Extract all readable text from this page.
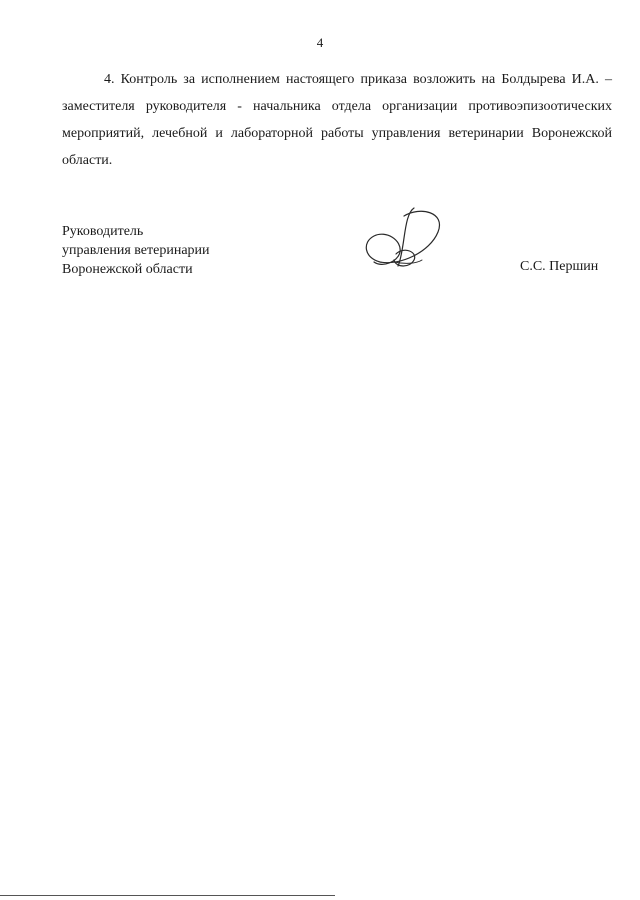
4

4. Контроль за исполнением настоящего приказа возложить на Болдырева И.А. – заместителя руководителя - начальника отдела организации противоэпизоотических мероприятий, лечебной и лабораторной работы управления ветеринарии Воронежской области.

Руководитель
управления ветеринарии
Воронежской области	С.С. Першин
